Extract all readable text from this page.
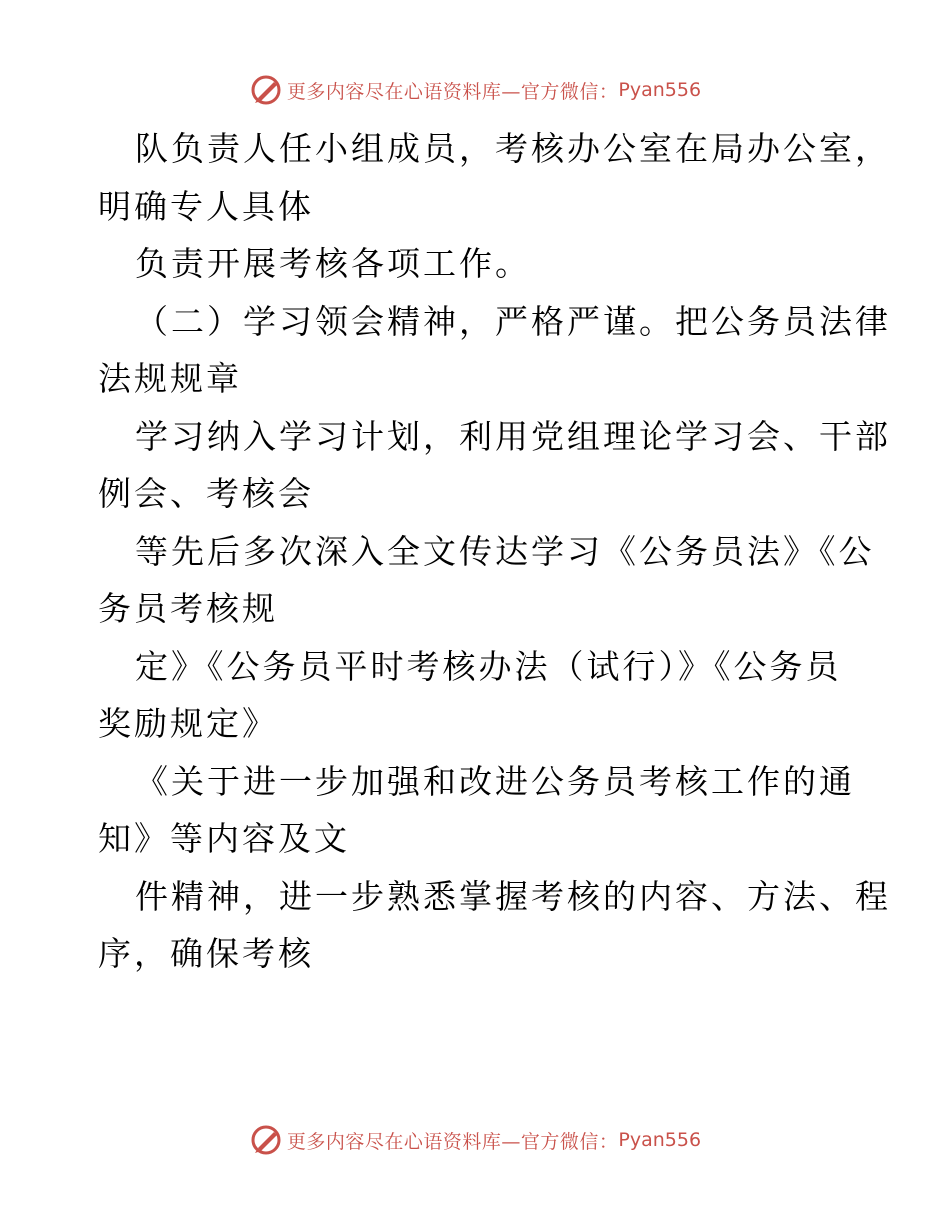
更多内容尽在心语资料库—官方微信： Pyan556
队负责人任小组成员，考核办公室在局办公室，
明确专人具体
负责开展考核各项工作。
（二）学习领会精神，严格严谨。把公务员法律
法规规章
学习纳入学习计划，利用党组理论学习会、干部
例会、考核会
等先后多次深入全文传达学习《公务员法》《公
务员考核规
定》《公务员平时考核办法（试行）》《公务员
奖励规定》
《关于进一步加强和改进公务员考核工作的通
知》等内容及文
件精神，进一步熟悉掌握考核的内容、方法、程
序，确保考核
更多内容尽在心语资料库—官方微信： Pyan556
